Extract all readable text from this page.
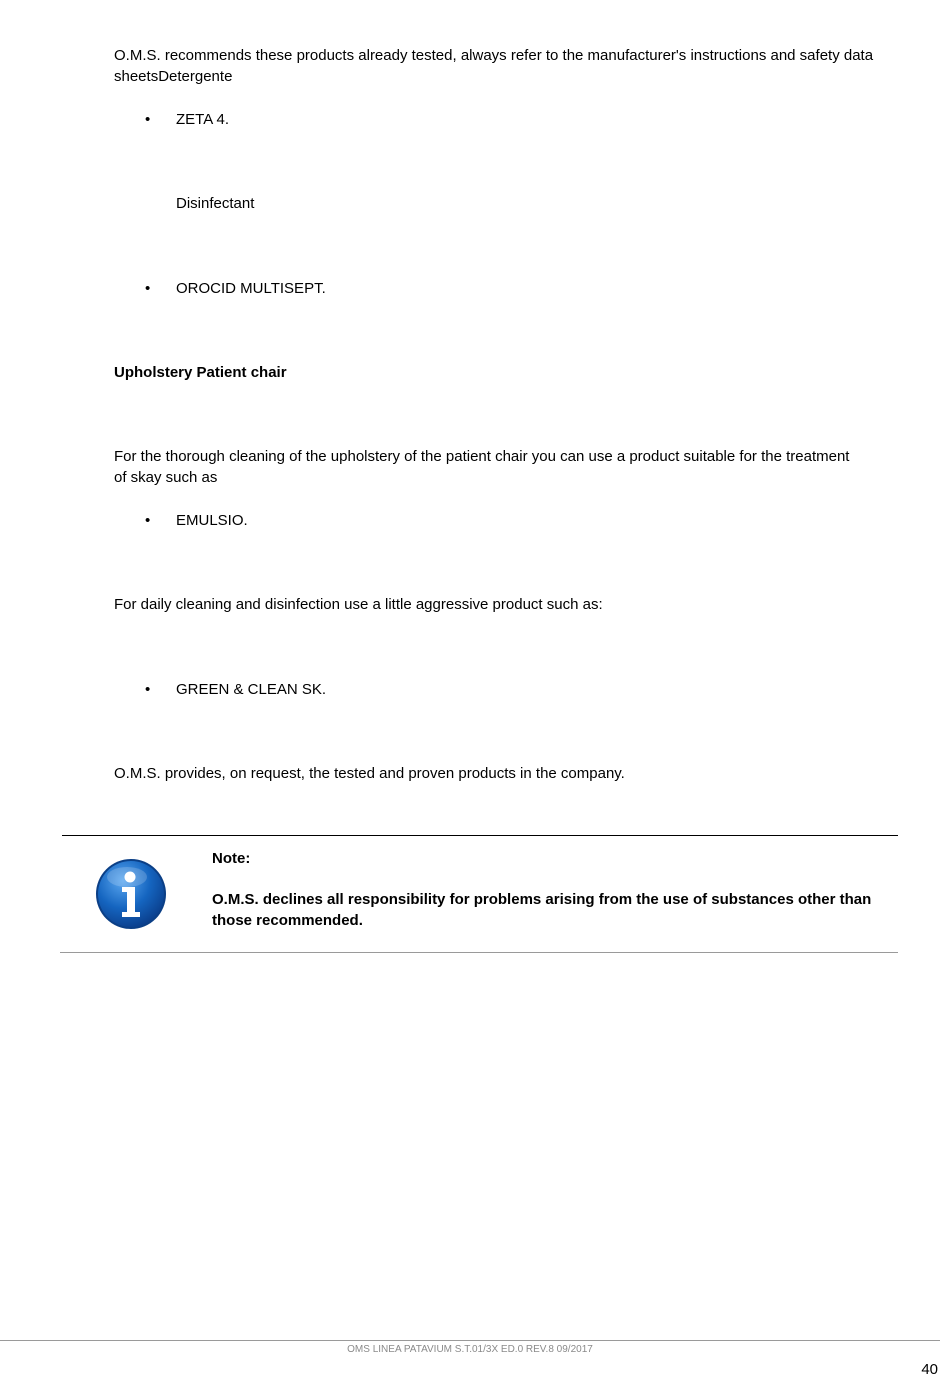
O.M.S. recommends these products already tested, always refer to the manufacturer's instructions and safety data sheetsDetergente
• ZETA 4.
Disinfectant
• OROCID MULTISEPT.
Upholstery Patient chair
For the thorough cleaning of the upholstery of the patient chair you can use a product suitable for the treatment of skay such as
• EMULSIO.
For daily cleaning and disinfection use a little aggressive product such as:
• GREEN & CLEAN SK.
O.M.S. provides, on request, the tested and proven products in the company.
Note:
O.M.S. declines all responsibility for problems arising from the use of substances other than those recommended.
OMS LINEA PATAVIUM S.T.01/3X ED.0 REV.8 09/2017
40
